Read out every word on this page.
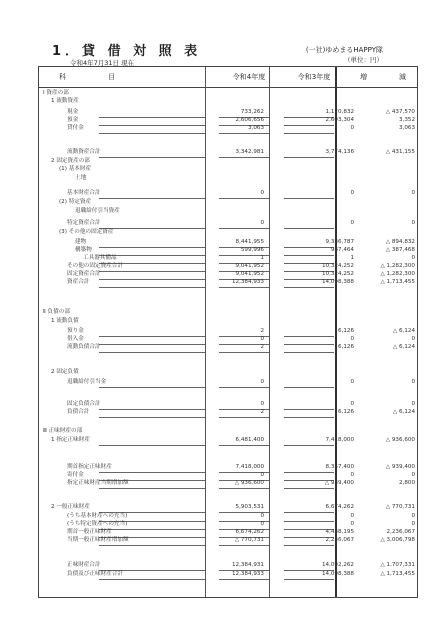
1．貸 借 対 照 表	(一社)ゆめまるHAPPY隊
令和4年7月31日 現在	（単位：円）
科　　　　　　目	令和4年度	令和3年度	増　　減
Ⅰ 資産の部
1 流動資産
現金	733,262	1,170,832	△ 437,570
預金	2,606,656	2,603,304	3,352
貸付金	3,063	0	3,063
流動資産合計	3,342,981	3,774,136	△ 431,155
2 固定資産の部
(1) 基本財産
土地
基本財産合計	0	0	0
(2) 特定資産
退職給付引当資産
特定資産合計	0	0	0
(3) その他の固定資産
建物	8,441,955	9,336,787	△ 894,832
構築物	599,996	987,464	△ 387,468
工具器具備品	1	1	0
その他の固定資産合計	9,041,952	10,324,252	△ 1,282,300
固定資産合計	9,041,952	10,324,252	△ 1,282,300
資産合計	12,384,933	14,098,388	△ 1,713,455
Ⅱ 負債の部
1 流動負債
預り金	2	6,126	△ 6,124
借入金	0	0	0
流動負債合計	2	6,126	△ 6,124
2 固定負債
退職給付引当金	0	0	0
固定負債合計	0	0	0
負債合計	2	6,126	△ 6,124
Ⅲ 正味財産の部
1 指定正味財産	6,481,400	7,418,000	△ 936,600
期首指定正味財産	7,418,000	8,357,400	△ 939,400
寄付金	0	0	0
指定正味財産当期増加額	△ 936,600	△ 939,400	2,800
2 一般正味財産	5,903,531	6,674,262	△ 770,731
(うち基本財産への充当)	0	0	0
(うち特定資産への充当)	0	0	0
期首一般正味財産	6,674,262	4,438,195	2,236,067
当期一般正味財産増加額	△ 770,731	2,236,067	△ 3,006,798
正味財産合計	12,384,931	14,092,262	△ 1,707,331
負債及び正味財産合計	12,384,933	14,098,388	△ 1,713,455
